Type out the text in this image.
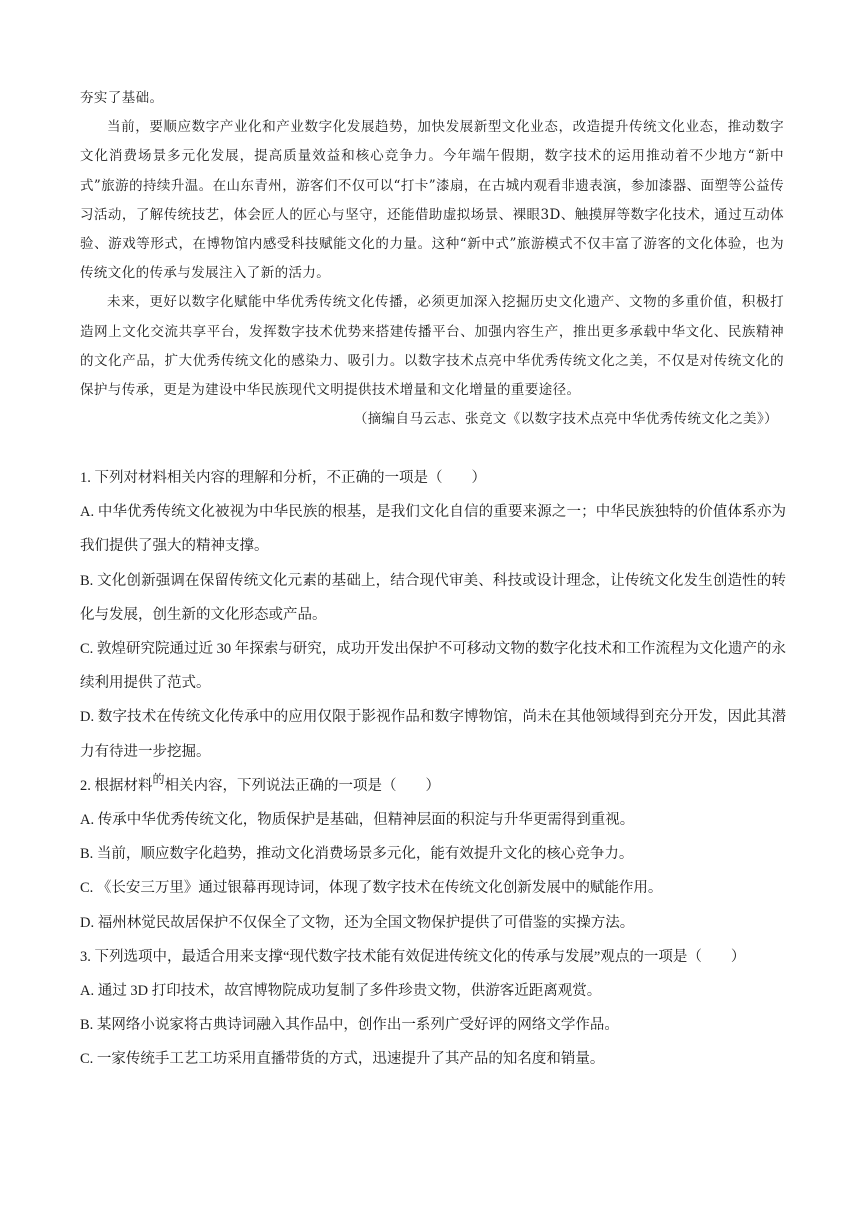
夯实了基础。

当前，要顺应数字产业化和产业数字化发展趋势，加快发展新型文化业态，改造提升传统文化业态，推动数字文化消费场景多元化发展，提高质量效益和核心竞争力。今年端午假期，数字技术的运用推动着不少地方“新中式”旅游的持续升温。在山东青州，游客们不仅可以“打卡”漆扇，在古城内观看非遗表演，参加漆器、面塑等公益传习活动，了解传统技艺，体会匠人的匠心与坚守，还能借助虚拟场景、裸眼3D、触摸屏等数字化技术，通过互动体验、游戏等形式，在博物馆内感受科技赋能文化的力量。这种“新中式”旅游模式不仅丰富了游客的文化体验，也为传统文化的传承与发展注入了新的活力。

未来，更好以数字化赋能中华优秀传统文化传播，必须更加深入挖掘历史文化遗产、文物的多重价值，积极打造网上文化交流共享平台，发挥数字技术优势来搭建传播平台、加强内容生产，推出更多承载中华文化、民族精神的文化产品，扩大优秀传统文化的感染力、吸引力。以数字技术点亮中华优秀传统文化之美，不仅是对传统文化的保护与传承，更是为建设中华民族现代文明提供技术增量和文化增量的重要途径。

（摘编自马云志、张竞文《以数字技术点亮中华优秀传统文化之美》）

1. 下列对材料相关内容的理解和分析，不正确的一项是（　　）

A. 中华优秀传统文化被视为中华民族的根基，是我们文化自信的重要来源之一；中华民族独特的价值体系亦为我们提供了强大的精神支撑。

B. 文化创新强调在保留传统文化元素的基础上，结合现代审美、科技或设计理念，让传统文化发生创造性的转化与发展，创生新的文化形态或产品。

C. 敦煌研究院通过近 30 年探索与研究，成功开发出保护不可移动文物的数字化技术和工作流程为文化遗产的永续利用提供了范式。

D. 数字技术在传统文化传承中的应用仅限于影视作品和数字博物馆，尚未在其他领域得到充分开发，因此其潜力有待进一步挖掘。

2. 根据材料$^的$相关内容，下列说法正确的一项是（　　）

A. 传承中华优秀传统文化，物质保护是基础，但精神层面的积淀与升华更需得到重视。

B. 当前，顺应数字化趋势，推动文化消费场景多元化，能有效提升文化的核心竞争力。

C. 《长安三万里》通过银幕再现诗词，体现了数字技术在传统文化创新发展中的赋能作用。

D. 福州林觉民故居保护不仅保全了文物，还为全国文物保护提供了可借鉴的实操方法。

3. 下列选项中，最适合用来支撑“现代数字技术能有效促进传统文化的传承与发展”观点的一项是（　　）

A. 通过 3D 打印技术，故宫博物院成功复制了多件珍贵文物，供游客近距离观赏。

B. 某网络小说家将古典诗词融入其作品中，创作出一系列广受好评的网络文学作品。

C. 一家传统手工艺工坊采用直播带货的方式，迅速提升了其产品的知名度和销量。
